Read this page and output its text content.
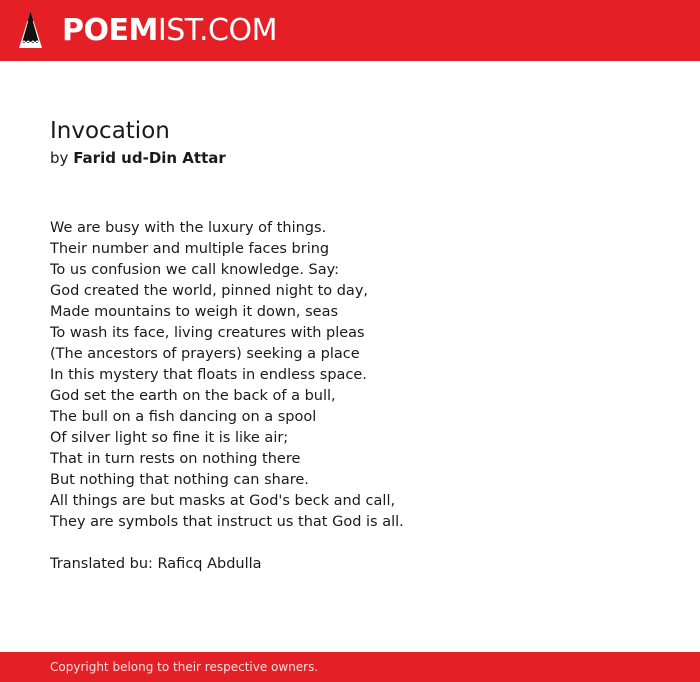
POEMIST.COM
Invocation
by Farid ud-Din Attar
We are busy with the luxury of things.
Their number and multiple faces bring
To us confusion we call knowledge. Say:
God created the world, pinned night to day,
Made mountains to weigh it down, seas
To wash its face, living creatures with pleas
(The ancestors of prayers) seeking a place
In this mystery that floats in endless space.
God set the earth on the back of a bull,
The bull on a fish dancing on a spool
Of silver light so fine it is like air;
That in turn rests on nothing there
But nothing that nothing can share.
All things are but masks at God's beck and call,
They are symbols that instruct us that God is all.
Translated bu: Raficq Abdulla
Copyright belong to their respective owners.
